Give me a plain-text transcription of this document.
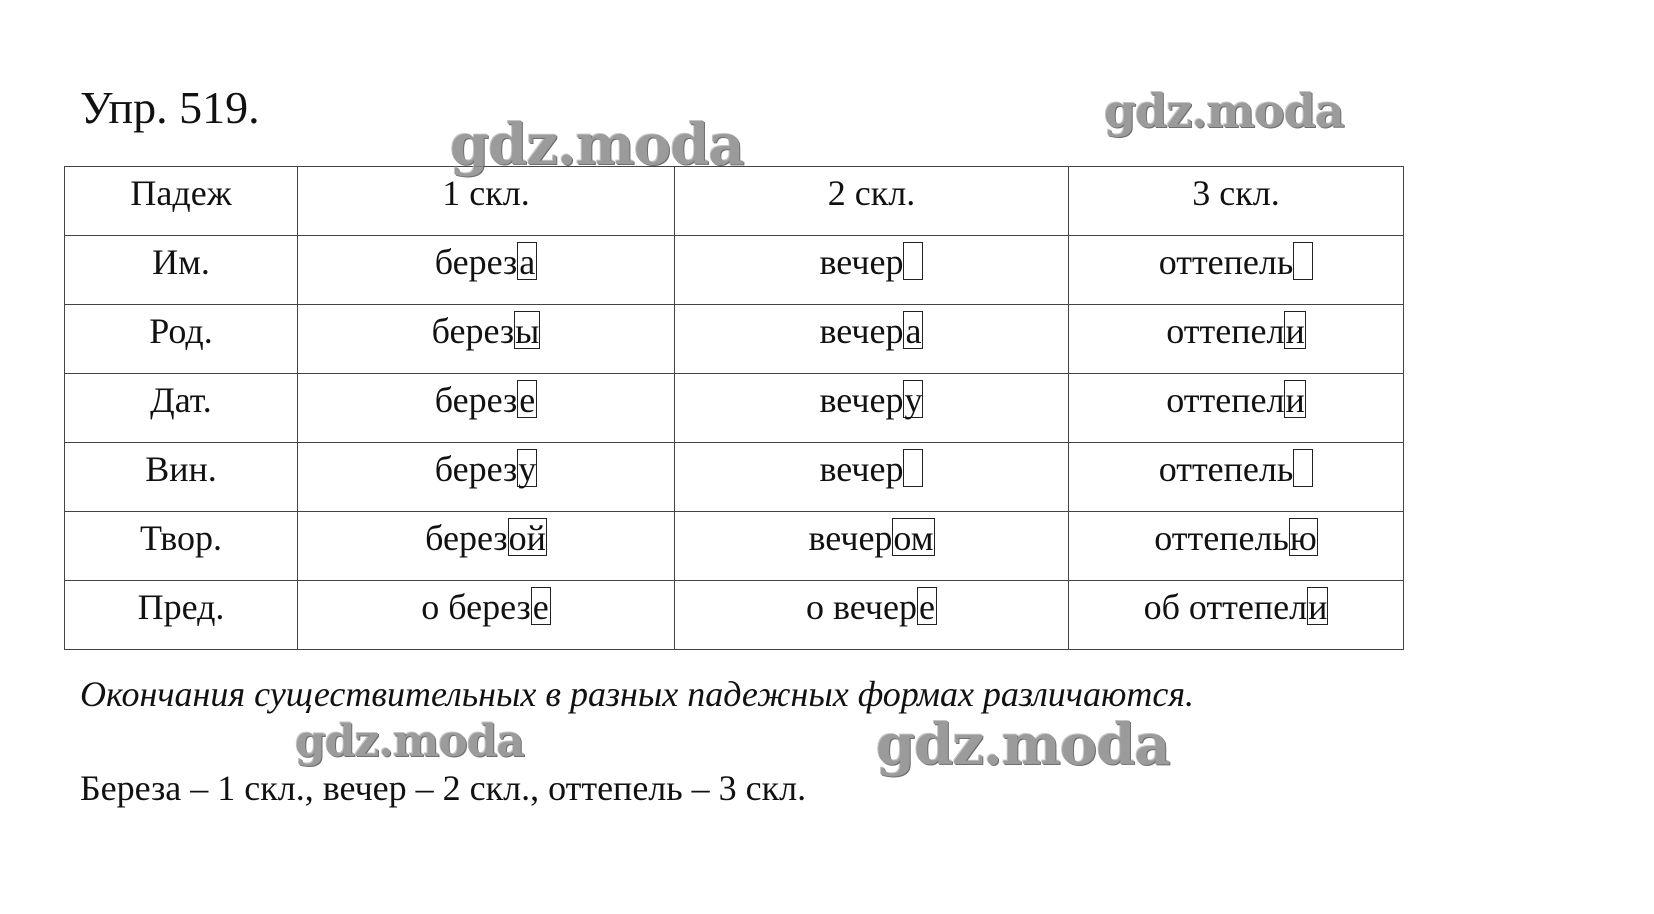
Упр. 519.
Падеж	1 скл.	2 скл.	3 скл.
Им.	береза	вечер	оттепель
Род.	березы	вечера	оттепели
Дат.	березе	вечеру	оттепели
Вин.	березу	вечер	оттепель
Твор.	березой	вечером	оттепелью
Пред.	о березе	о вечере	об оттепели
Окончания существительных в разных падежных формах различаются.
Береза – 1 скл., вечер – 2 скл., оттепель – 3 скл.
gdz.moda
gdz.moda
gdz.moda	gdz.moda
